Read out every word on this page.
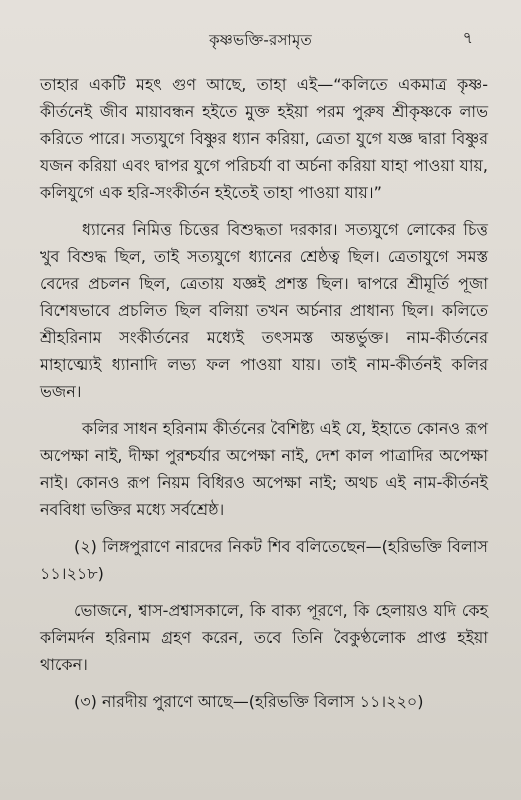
কৃষ্ণভক্তি-রসামৃত	৭

তাহার একটি মহৎ গুণ আছে, তাহা এই—“কলিতে একমাত্র কৃষ্ণ-কীর্তনেই জীব মায়াবন্ধন হইতে মুক্ত হইয়া পরম পুরুষ শ্রীকৃষ্ণকে লাভ করিতে পারে। সত্যযুগে বিষ্ণুর ধ্যান করিয়া, ত্রেতা যুগে যজ্ঞ দ্বারা বিষ্ণুর যজন করিয়া এবং দ্বাপর যুগে পরিচর্যা বা অর্চনা করিয়া যাহা পাওয়া যায়, কলিযুগে এক হরি-সংকীর্তন হইতেই তাহা পাওয়া যায়।”

ধ্যানের নিমিত্ত চিত্তের বিশুদ্ধতা দরকার। সত্যযুগে লোকের চিত্ত খুব বিশুদ্ধ ছিল, তাই সত্যযুগে ধ্যানের শ্রেষ্ঠত্ব ছিল। ত্রেতাযুগে সমস্ত বেদের প্রচলন ছিল, ত্রেতায় যজ্ঞই প্রশস্ত ছিল। দ্বাপরে শ্রীমূর্তি পূজা বিশেষভাবে প্রচলিত ছিল বলিয়া তখন অর্চনার প্রাধান্য ছিল। কলিতে শ্রীহরিনাম সংকীর্তনের মধ্যেই তৎসমস্ত অন্তর্ভুক্ত। নাম-কীর্তনের মাহাত্ম্যেই ধ্যানাদি লভ্য ফল পাওয়া যায়। তাই নাম-কীর্তনই কলির ভজন।

কলির সাধন হরিনাম কীর্তনের বৈশিষ্ট্য এই যে, ইহাতে কোনও রূপ অপেক্ষা নাই, দীক্ষা পুরশ্চর্যার অপেক্ষা নাই, দেশ কাল পাত্রাদির অপেক্ষা নাই। কোনও রূপ নিয়ম বিধিরও অপেক্ষা নাই; অথচ এই নাম-কীর্তনই নববিধা ভক্তির মধ্যে সর্বশ্রেষ্ঠ।

(২) লিঙ্গপুরাণে নারদের নিকট শিব বলিতেছেন—(হরিভক্তি বিলাস ১১।২১৮)

ভোজনে, শ্বাস-প্রশ্বাসকালে, কি বাক্য পূরণে, কি হেলায়ও যদি কেহ কলিমর্দন হরিনাম গ্রহণ করেন, তবে তিনি বৈকুণ্ঠলোক প্রাপ্ত হইয়া থাকেন।

(৩) নারদীয় পুরাণে আছে—(হরিভক্তি বিলাস ১১।২২০)
